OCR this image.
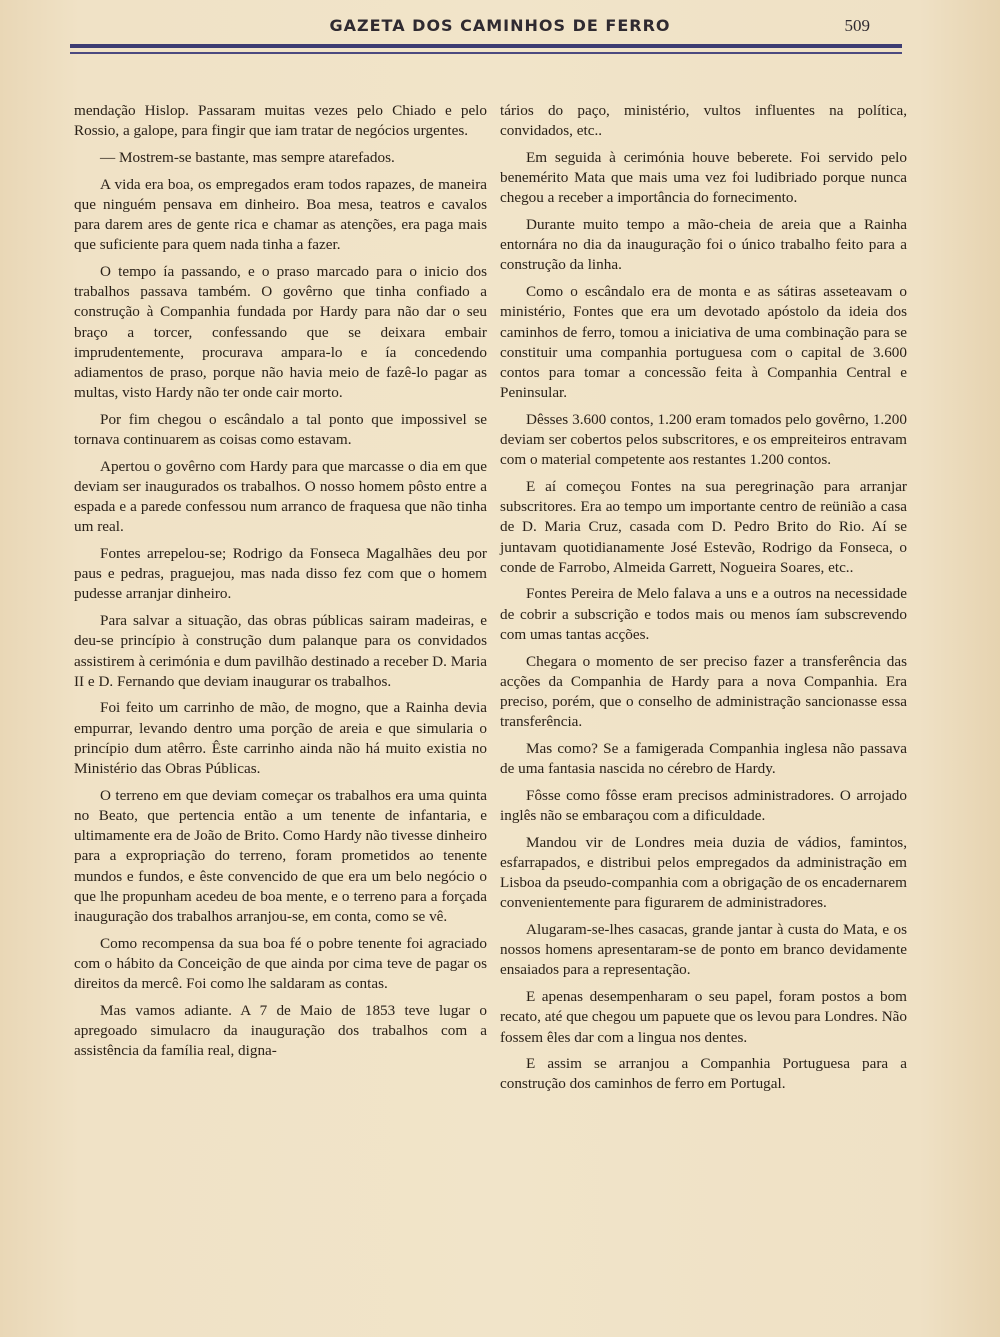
GAZETA DOS CAMINHOS DE FERRO	509

mendação Hislop. Passaram muitas vezes pelo Chiado e pelo Rossio, a galope, para fingir que iam tratar de negócios urgentes.

— Mostrem-se bastante, mas sempre atarefados.

A vida era boa, os empregados eram todos rapazes, de maneira que ninguém pensava em dinheiro. Boa mesa, teatros e cavalos para darem ares de gente rica e chamar as atenções, era paga mais que suficiente para quem nada tinha a fazer.

O tempo ía passando, e o praso marcado para o inicio dos trabalhos passava também. O govêrno que tinha confiado a construção à Companhia fundada por Hardy para não dar o seu braço a torcer, confessando que se deixara embair imprudentemente, procurava ampara-lo e ía concedendo adiamentos de praso, porque não havia meio de fazê-lo pagar as multas, visto Hardy não ter onde cair morto.

Por fim chegou o escândalo a tal ponto que impossivel se tornava continuarem as coisas como estavam.

Apertou o govêrno com Hardy para que marcasse o dia em que deviam ser inaugurados os trabalhos. O nosso homem pôsto entre a espada e a parede confessou num arranco de fraquesa que não tinha um real.

Fontes arrepelou-se; Rodrigo da Fonseca Magalhães deu por paus e pedras, praguejou, mas nada disso fez com que o homem pudesse arranjar dinheiro.

Para salvar a situação, das obras públicas sairam madeiras, e deu-se princípio à construção dum palanque para os convidados assistirem à cerimónia e dum pavilhão destinado a receber D. Maria II e D. Fernando que deviam inaugurar os trabalhos.

Foi feito um carrinho de mão, de mogno, que a Rainha devia empurrar, levando dentro uma porção de areia e que simularia o princípio dum atêrro. Êste carrinho ainda não há muito existia no Ministério das Obras Públicas.

O terreno em que deviam começar os trabalhos era uma quinta no Beato, que pertencia então a um tenente de infantaria, e ultimamente era de João de Brito. Como Hardy não tivesse dinheiro para a expropriação do terreno, foram prometidos ao tenente mundos e fundos, e êste convencido de que era um belo negócio o que lhe propunham acedeu de boa mente, e o terreno para a forçada inauguração dos trabalhos arranjou-se, em conta, como se vê.

Como recompensa da sua boa fé o pobre tenente foi agraciado com o hábito da Conceição de que ainda por cima teve de pagar os direitos da mercê. Foi como lhe saldaram as contas.

Mas vamos adiante. A 7 de Maio de 1853 teve lugar o apregoado simulacro da inauguração dos trabalhos com a assistência da família real, digna-

tários do paço, ministério, vultos influentes na política, convidados, etc..

Em seguida à cerimónia houve beberete. Foi servido pelo benemérito Mata que mais uma vez foi ludibriado porque nunca chegou a receber a importância do fornecimento.

Durante muito tempo a mão-cheia de areia que a Rainha entornára no dia da inauguração foi o único trabalho feito para a construção da linha.

Como o escândalo era de monta e as sátiras asseteavam o ministério, Fontes que era um devotado apóstolo da ideia dos caminhos de ferro, tomou a iniciativa de uma combinação para se constituir uma companhia portuguesa com o capital de 3.600 contos para tomar a concessão feita à Companhia Central e Peninsular.

Dêsses 3.600 contos, 1.200 eram tomados pelo govêrno, 1.200 deviam ser cobertos pelos subscritores, e os empreiteiros entravam com o material competente aos restantes 1.200 contos.

E aí começou Fontes na sua peregrinação para arranjar subscritores. Era ao tempo um importante centro de reünião a casa de D. Maria Cruz, casada com D. Pedro Brito do Rio. Aí se juntavam quotidianamente José Estevão, Rodrigo da Fonseca, o conde de Farrobo, Almeida Garrett, Nogueira Soares, etc..

Fontes Pereira de Melo falava a uns e a outros na necessidade de cobrir a subscrição e todos mais ou menos íam subscrevendo com umas tantas acções.

Chegara o momento de ser preciso fazer a transferência das acções da Companhia de Hardy para a nova Companhia. Era preciso, porém, que o conselho de administração sancionasse essa transferência.

Mas como? Se a famigerada Companhia inglesa não passava de uma fantasia nascida no cérebro de Hardy.

Fôsse como fôsse eram precisos administradores. O arrojado inglês não se embaraçou com a dificuldade.

Mandou vir de Londres meia duzia de vádios, famintos, esfarrapados, e distribui pelos empregados da administração em Lisboa da pseudo-companhia com a obrigação de os encadernarem convenientemente para figurarem de administradores.

Alugaram-se-lhes casacas, grande jantar à custa do Mata, e os nossos homens apresentaram-se de ponto em branco devidamente ensaiados para a representação.

E apenas desempenharam o seu papel, foram postos a bom recato, até que chegou um papuete que os levou para Londres. Não fossem êles dar com a lingua nos dentes.

E assim se arranjou a Companhia Portuguesa para a construção dos caminhos de ferro em Portugal.
